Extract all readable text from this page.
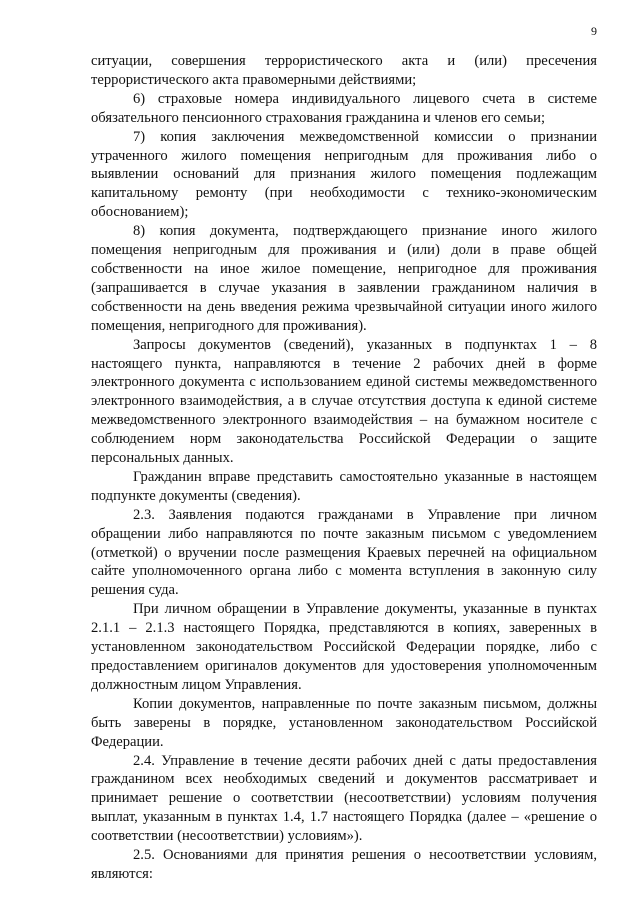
9

ситуации, совершения террористического акта и (или) пресечения террористического акта правомерными действиями;

6) страховые номера индивидуального лицевого счета в системе обязательного пенсионного страхования гражданина и членов его семьи;

7) копия заключения межведомственной комиссии о признании утраченного жилого помещения непригодным для проживания либо о выявлении оснований для признания жилого помещения подлежащим капитальному ремонту (при необходимости с технико-экономическим обоснованием);

8) копия документа, подтверждающего признание иного жилого помещения непригодным для проживания и (или) доли в праве общей собственности на иное жилое помещение, непригодное для проживания (запрашивается в случае указания в заявлении гражданином наличия в собственности на день введения режима чрезвычайной ситуации иного жилого помещения, непригодного для проживания).

Запросы документов (сведений), указанных в подпунктах 1 – 8 настоящего пункта, направляются в течение 2 рабочих дней в форме электронного документа с использованием единой системы межведомственного электронного взаимодействия, а в случае отсутствия доступа к единой системе межведомственного электронного взаимодействия – на бумажном носителе с соблюдением норм законодательства Российской Федерации о защите персональных данных.

Гражданин вправе представить самостоятельно указанные в настоящем подпункте документы (сведения).

2.3. Заявления подаются гражданами в Управление при личном обращении либо направляются по почте заказным письмом с уведомлением (отметкой) о вручении после размещения Краевых перечней на официальном сайте уполномоченного органа либо с момента вступления в законную силу решения суда.

При личном обращении в Управление документы, указанные в пунктах 2.1.1 – 2.1.3 настоящего Порядка, представляются в копиях, заверенных в установленном законодательством Российской Федерации порядке, либо с предоставлением оригиналов документов для удостоверения уполномоченным должностным лицом Управления.

Копии документов, направленные по почте заказным письмом, должны быть заверены в порядке, установленном законодательством Российской Федерации.

2.4. Управление в течение десяти рабочих дней с даты предоставления гражданином всех необходимых сведений и документов рассматривает и принимает решение о соответствии (несоответствии) условиям получения выплат, указанным в пунктах 1.4, 1.7 настоящего Порядка (далее – «решение о соответствии (несоответствии) условиям»).

2.5. Основаниями для принятия решения о несоответствии условиям, являются:
